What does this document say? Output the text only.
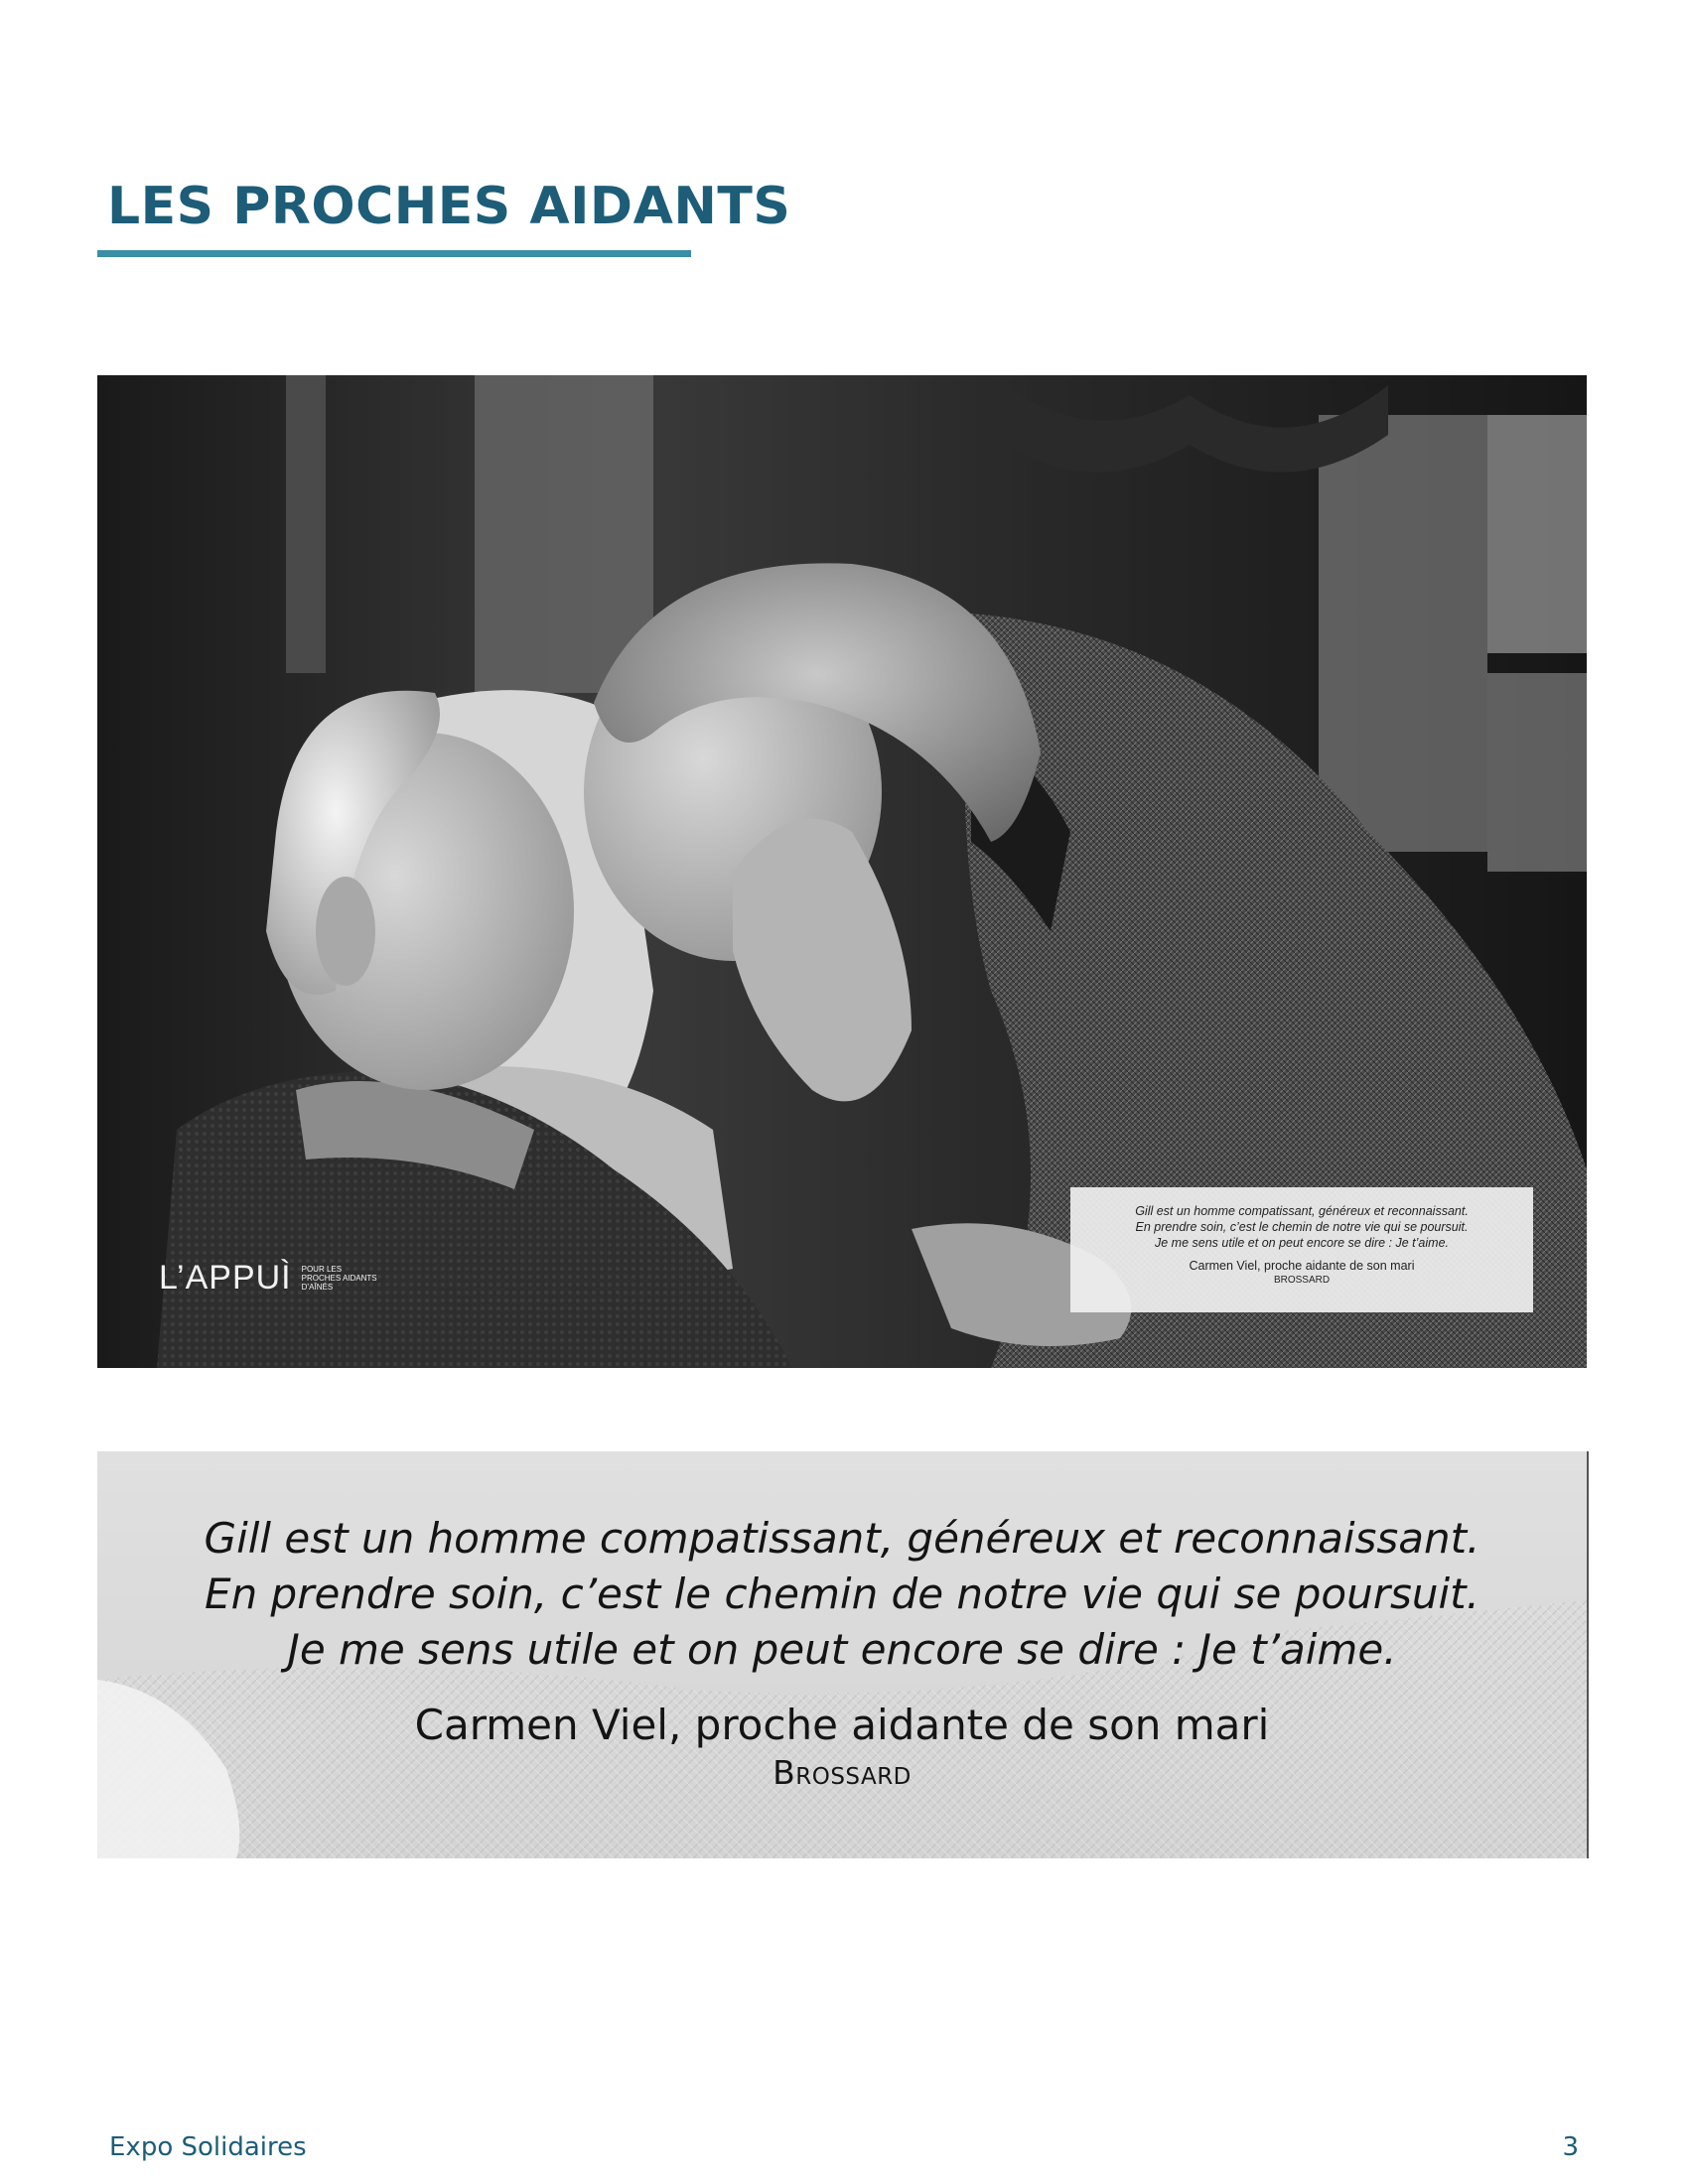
LES PROCHES AIDANTS
L’APPUÌ POUR LES PROCHES AIDANTS D’AÎNÉS
Gill est un homme compatissant, généreux et reconnaissant.
En prendre soin, c’est le chemin de notre vie qui se poursuit.
Je me sens utile et on peut encore se dire : Je t’aime.
Carmen Viel, proche aidante de son mari
BROSSARD
Gill est un homme compatissant, généreux et reconnaissant.
En prendre soin, c’est le chemin de notre vie qui se poursuit.
Je me sens utile et on peut encore se dire : Je t’aime.
Carmen Viel, proche aidante de son mari
Brossard
Expo Solidaires	3
